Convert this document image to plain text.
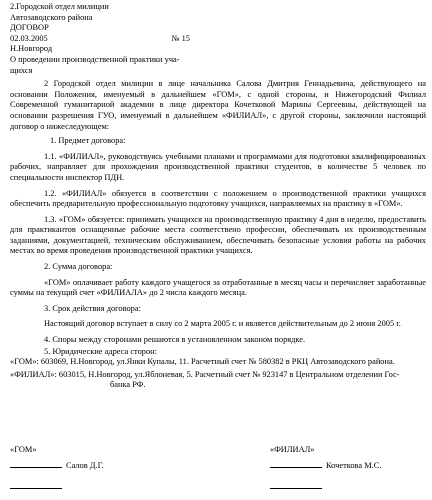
2.Городской отдел милиции
Автозаводского района
ДОГОВОР
02.03.2005	№ 15
Н.Новгород
О проведении производственной практики уча-
щихся

2 Городской отдел милиции в лице начальника Салова Дмитрия Геннадьевича, действующего на основании Положения, именуемый в дальнейшем «ГОМ», с одной стороны, и Нижегородский Филиал Современной гуманитарной академии в лице директора Кочетковой Марины Сергеевны, действующей на основании разрешения ГУО, именуемый в дальнейшем «ФИЛИАЛ», с другой стороны, заключили настоящий договор о нижеследующем:

1. Предмет договора:

1.1. «ФИЛИАЛ», руководствуясь учебными планами и программами для подготовки квалифицированных рабочих, направляет для прохождения производственной практики студентов, в количестве 5 человек по специальности инспектор ПДН.

1.2. «ФИЛИАЛ» обязуется в соответствии с положением о производственной практики учащихся обеспечить предварительную профессиональную подготовку учащихся, направляемых на практику в «ГОМ».

1.3. «ГОМ» обязуется: принимать учащихся на производственную практику 4 дня в неделю, предоставить для практикантов оснащенные рабочие места соответствено профессии, обеспечивать их производственным заданиями, документацией, техническим обслуживанием, обеспечивать безопасные условия работы на рабочих местах во время проведения производственной практики учащихся.

2. Сумма договора:

«ГОМ» оплачивает работу каждого учащегося за отработанные в месяц часы и перечисляет заработанные суммы на текущий счет «ФИЛИАЛА» до 2 числа каждого месяца.

3. Срок действия договора:

Настоящий договор вступает в силу со 2 марта 2005 г. и является действительным до 2 июня 2005 г.

4. Споры между сторонами решаются в установленном законом порядке.
5. Юридические адреса сторон:
«ГОМ»: 603069, Н.Новгород, ул.Янки Купалы, 11. Расчетный счет № 580382 в РКЦ Автозаводского района.
«ФИЛИАЛ»: 603015, Н.Новгород, ул.Яблоневая, 5. Расчетный счет № 923147 в Центральном отделении Гос-
банка РФ.
«ГОМ»
Салов Д.Г.
«ФИЛИАЛ»
Кочеткова М.С.
